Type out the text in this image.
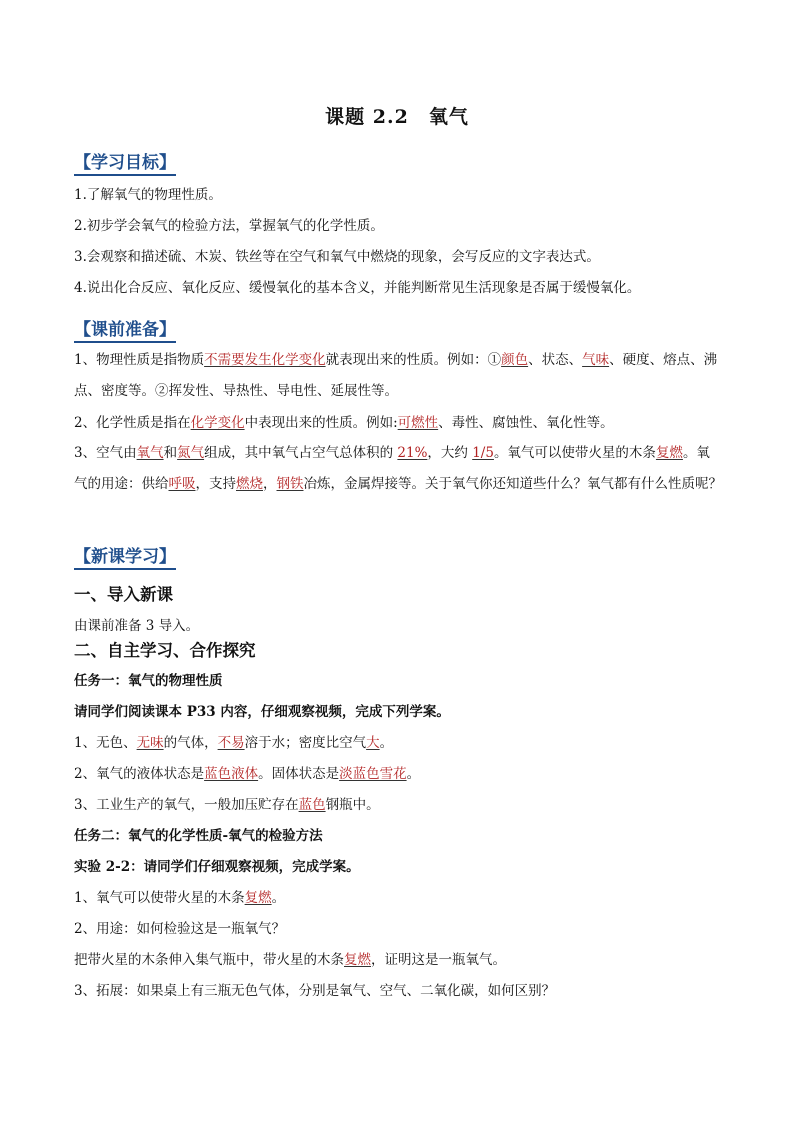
课题 2.2　氧气
【学习目标】
1.了解氧气的物理性质。
2.初步学会氧气的检验方法，掌握氧气的化学性质。
3.会观察和描述硫、木炭、铁丝等在空气和氧气中燃烧的现象，会写反应的文字表达式。
4.说出化合反应、氧化反应、缓慢氧化的基本含义，并能判断常见生活现象是否属于缓慢氧化。
【课前准备】
1、物理性质是指物质不需要发生化学变化就表现出来的性质。例如：①颜色、状态、气味、硬度、熔点、沸点、密度等。②挥发性、导热性、导电性、延展性等。
2、化学性质是指在化学变化中表现出来的性质。例如:可燃性、毒性、腐蚀性、氧化性等。
3、空气由氧气和氮气组成，其中氧气占空气总体积的 21%，大约 1/5。氧气可以使带火星的木条复燃。氧气的用途：供给呼吸，支持燃烧，钢铁冶炼，金属焊接等。关于氧气你还知道些什么？氧气都有什么性质呢？
【新课学习】
一、导入新课
由课前准备 3 导入。
二、自主学习、合作探究
任务一：氧气的物理性质
请同学们阅读课本 P33 内容，仔细观察视频，完成下列学案。
1、无色、无味的气体，不易溶于水；密度比空气大。
2、氧气的液体状态是蓝色液体。固体状态是淡蓝色雪花。
3、工业生产的氧气，一般加压贮存在蓝色钢瓶中。
任务二：氧气的化学性质-氧气的检验方法
实验 2-2：请同学们仔细观察视频，完成学案。
1、氧气可以使带火星的木条复燃。
2、用途：如何检验这是一瓶氧气？
把带火星的木条伸入集气瓶中，带火星的木条复燃，证明这是一瓶氧气。
3、拓展：如果桌上有三瓶无色气体，分别是氧气、空气、二氧化碳，如何区别？
